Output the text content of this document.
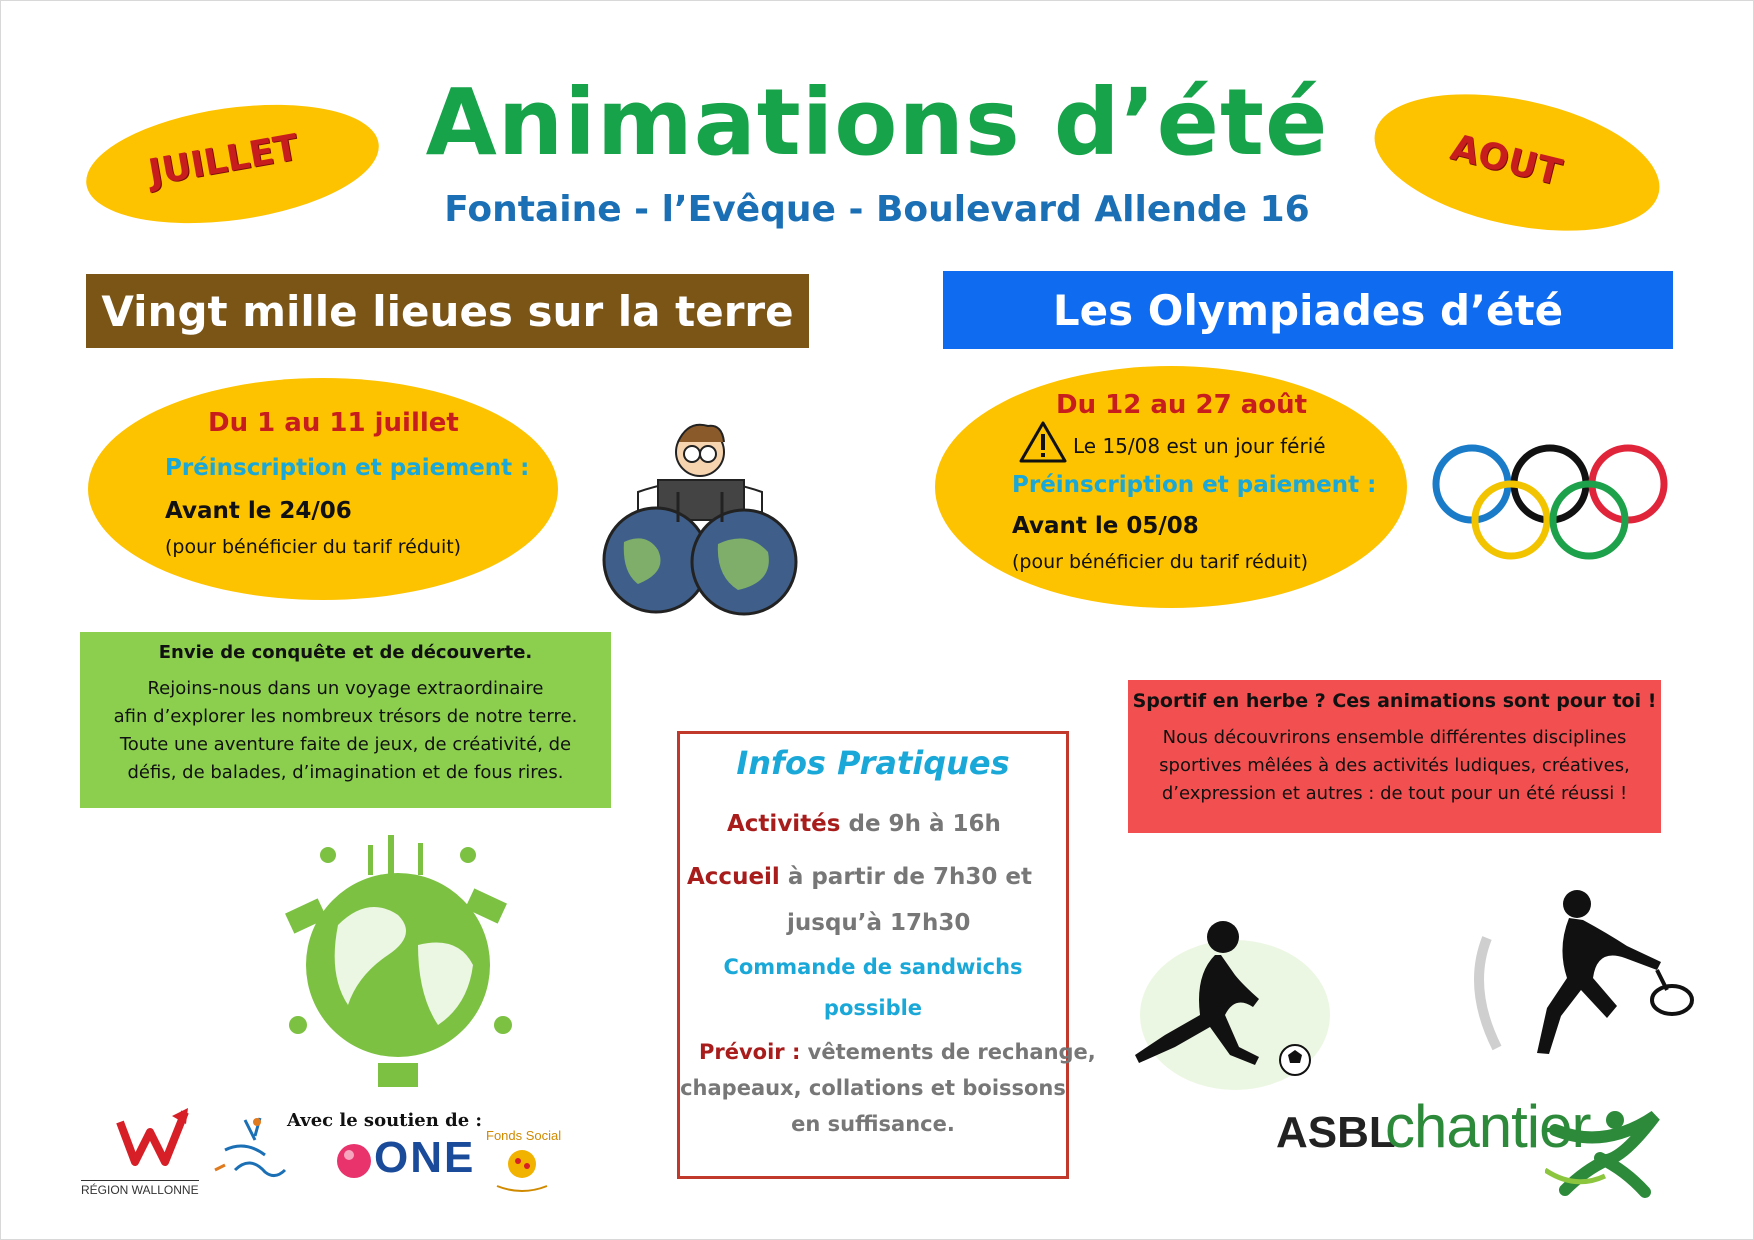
Animations d’été
Fontaine - l’Evêque - Boulevard Allende 16
JUILLET	AOUT
Vingt mille lieues sur la terre	Les Olympiades d’été
Du 1 au 11 juillet
Préinscription et paiement :
Avant le 24/06
(pour bénéficier du tarif réduit)
Du 12 au 27 août
Le 15/08 est un jour férié
Préinscription et paiement :
Avant le 05/08
(pour bénéficier du tarif réduit)
Envie de conquête et de découverte.
Rejoins-nous dans un voyage extraordinaire
afin d’explorer les nombreux trésors de notre terre.
Toute une aventure faite de jeux, de créativité, de
défis, de balades, d’imagination et de fous rires.
Sportif en herbe ? Ces animations sont pour toi !
Nous découvrirons ensemble différentes disciplines
sportives mêlées à des activités ludiques, créatives,
d’expression et autres : de tout pour un été réussi !
Infos Pratiques
Activités de 9h à 16h
Accueil à partir de 7h30 et
jusqu’à 17h30
Commande de sandwichs
possible
Prévoir : vêtements de rechange,
chapeaux, collations et boissons
en suffisance.
Avec le soutien de :
RÉGION WALLONNE
ONE Fonds Social	ASBL
chantier
